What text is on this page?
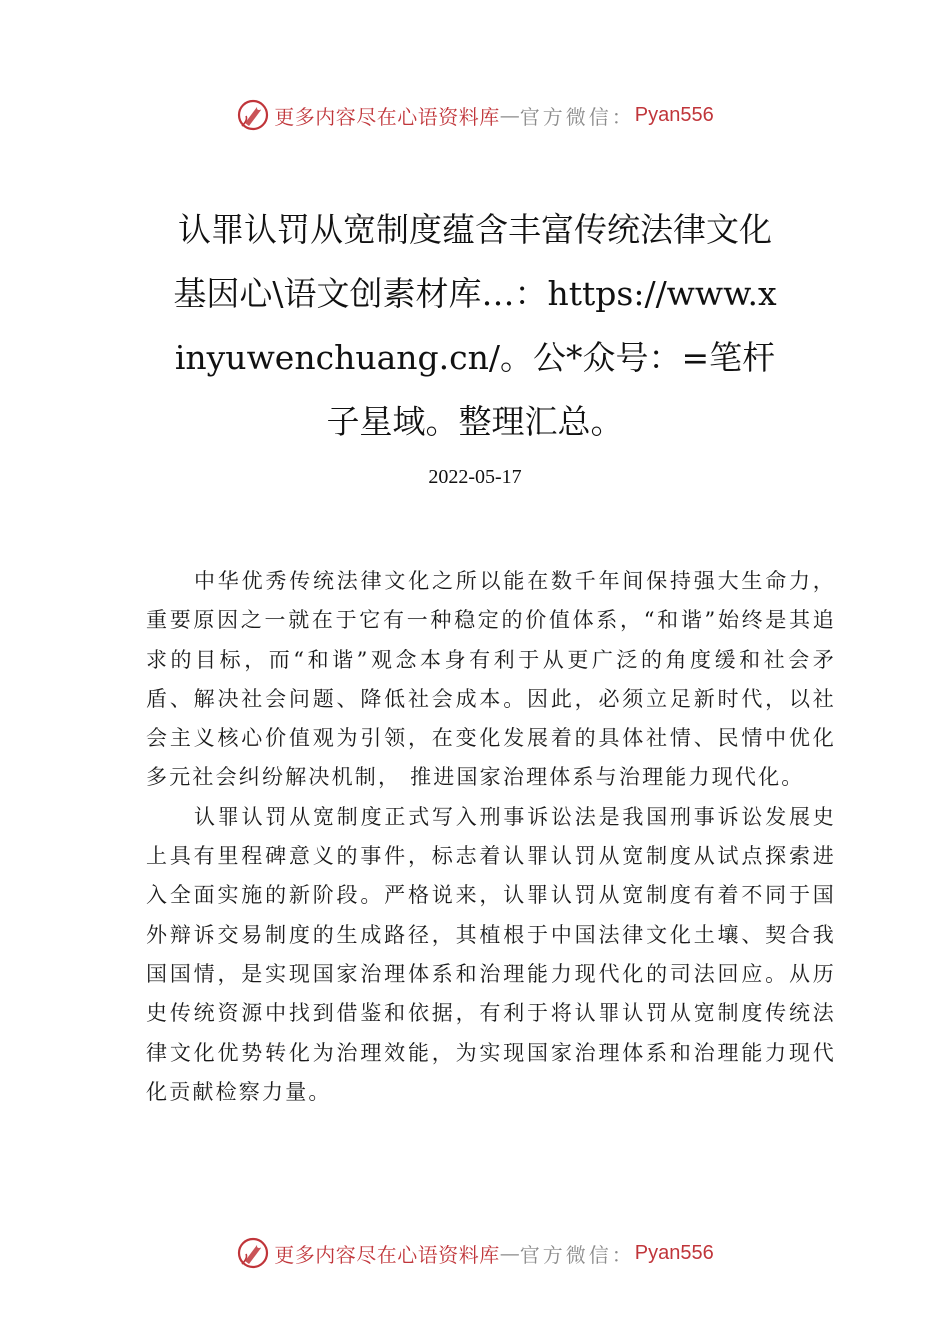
更多内容尽在心语资料库 — 官方微信： Pyan556
认罪认罚从宽制度蕴含丰富传统法律文化基因心\语文创素材库…：https://www.xinyuwenchuang.cn/。公*众号：=笔杆子星域。整理汇总。
2022-05-17

中华优秀传统法律文化之所以能在数千年间保持强大生命力，重要原因之一就在于它有一种稳定的价值体系，“和谐”始终是其追求的目标，而“和谐”观念本身有利于从更广泛的角度缓和社会矛盾、解决社会问题、降低社会成本。因此，必须立足新时代，以社会主义核心价值观为引领，在变化发展着的具体社情、民情中优化多元社会纠纷解决机制， 推进国家治理体系与治理能力现代化。

认罪认罚从宽制度正式写入刑事诉讼法是我国刑事诉讼发展史上具有里程碑意义的事件，标志着认罪认罚从宽制度从试点探索进入全面实施的新阶段。严格说来，认罪认罚从宽制度有着不同于国外辩诉交易制度的生成路径，其植根于中国法律文化土壤、契合我国国情，是实现国家治理体系和治理能力现代化的司法回应。从历史传统资源中找到借鉴和依据，有利于将认罪认罚从宽制度传统法律文化优势转化为治理效能，为实现国家治理体系和治理能力现代化贡献检察力量。

更多内容尽在心语资料库 — 官方微信： Pyan556
